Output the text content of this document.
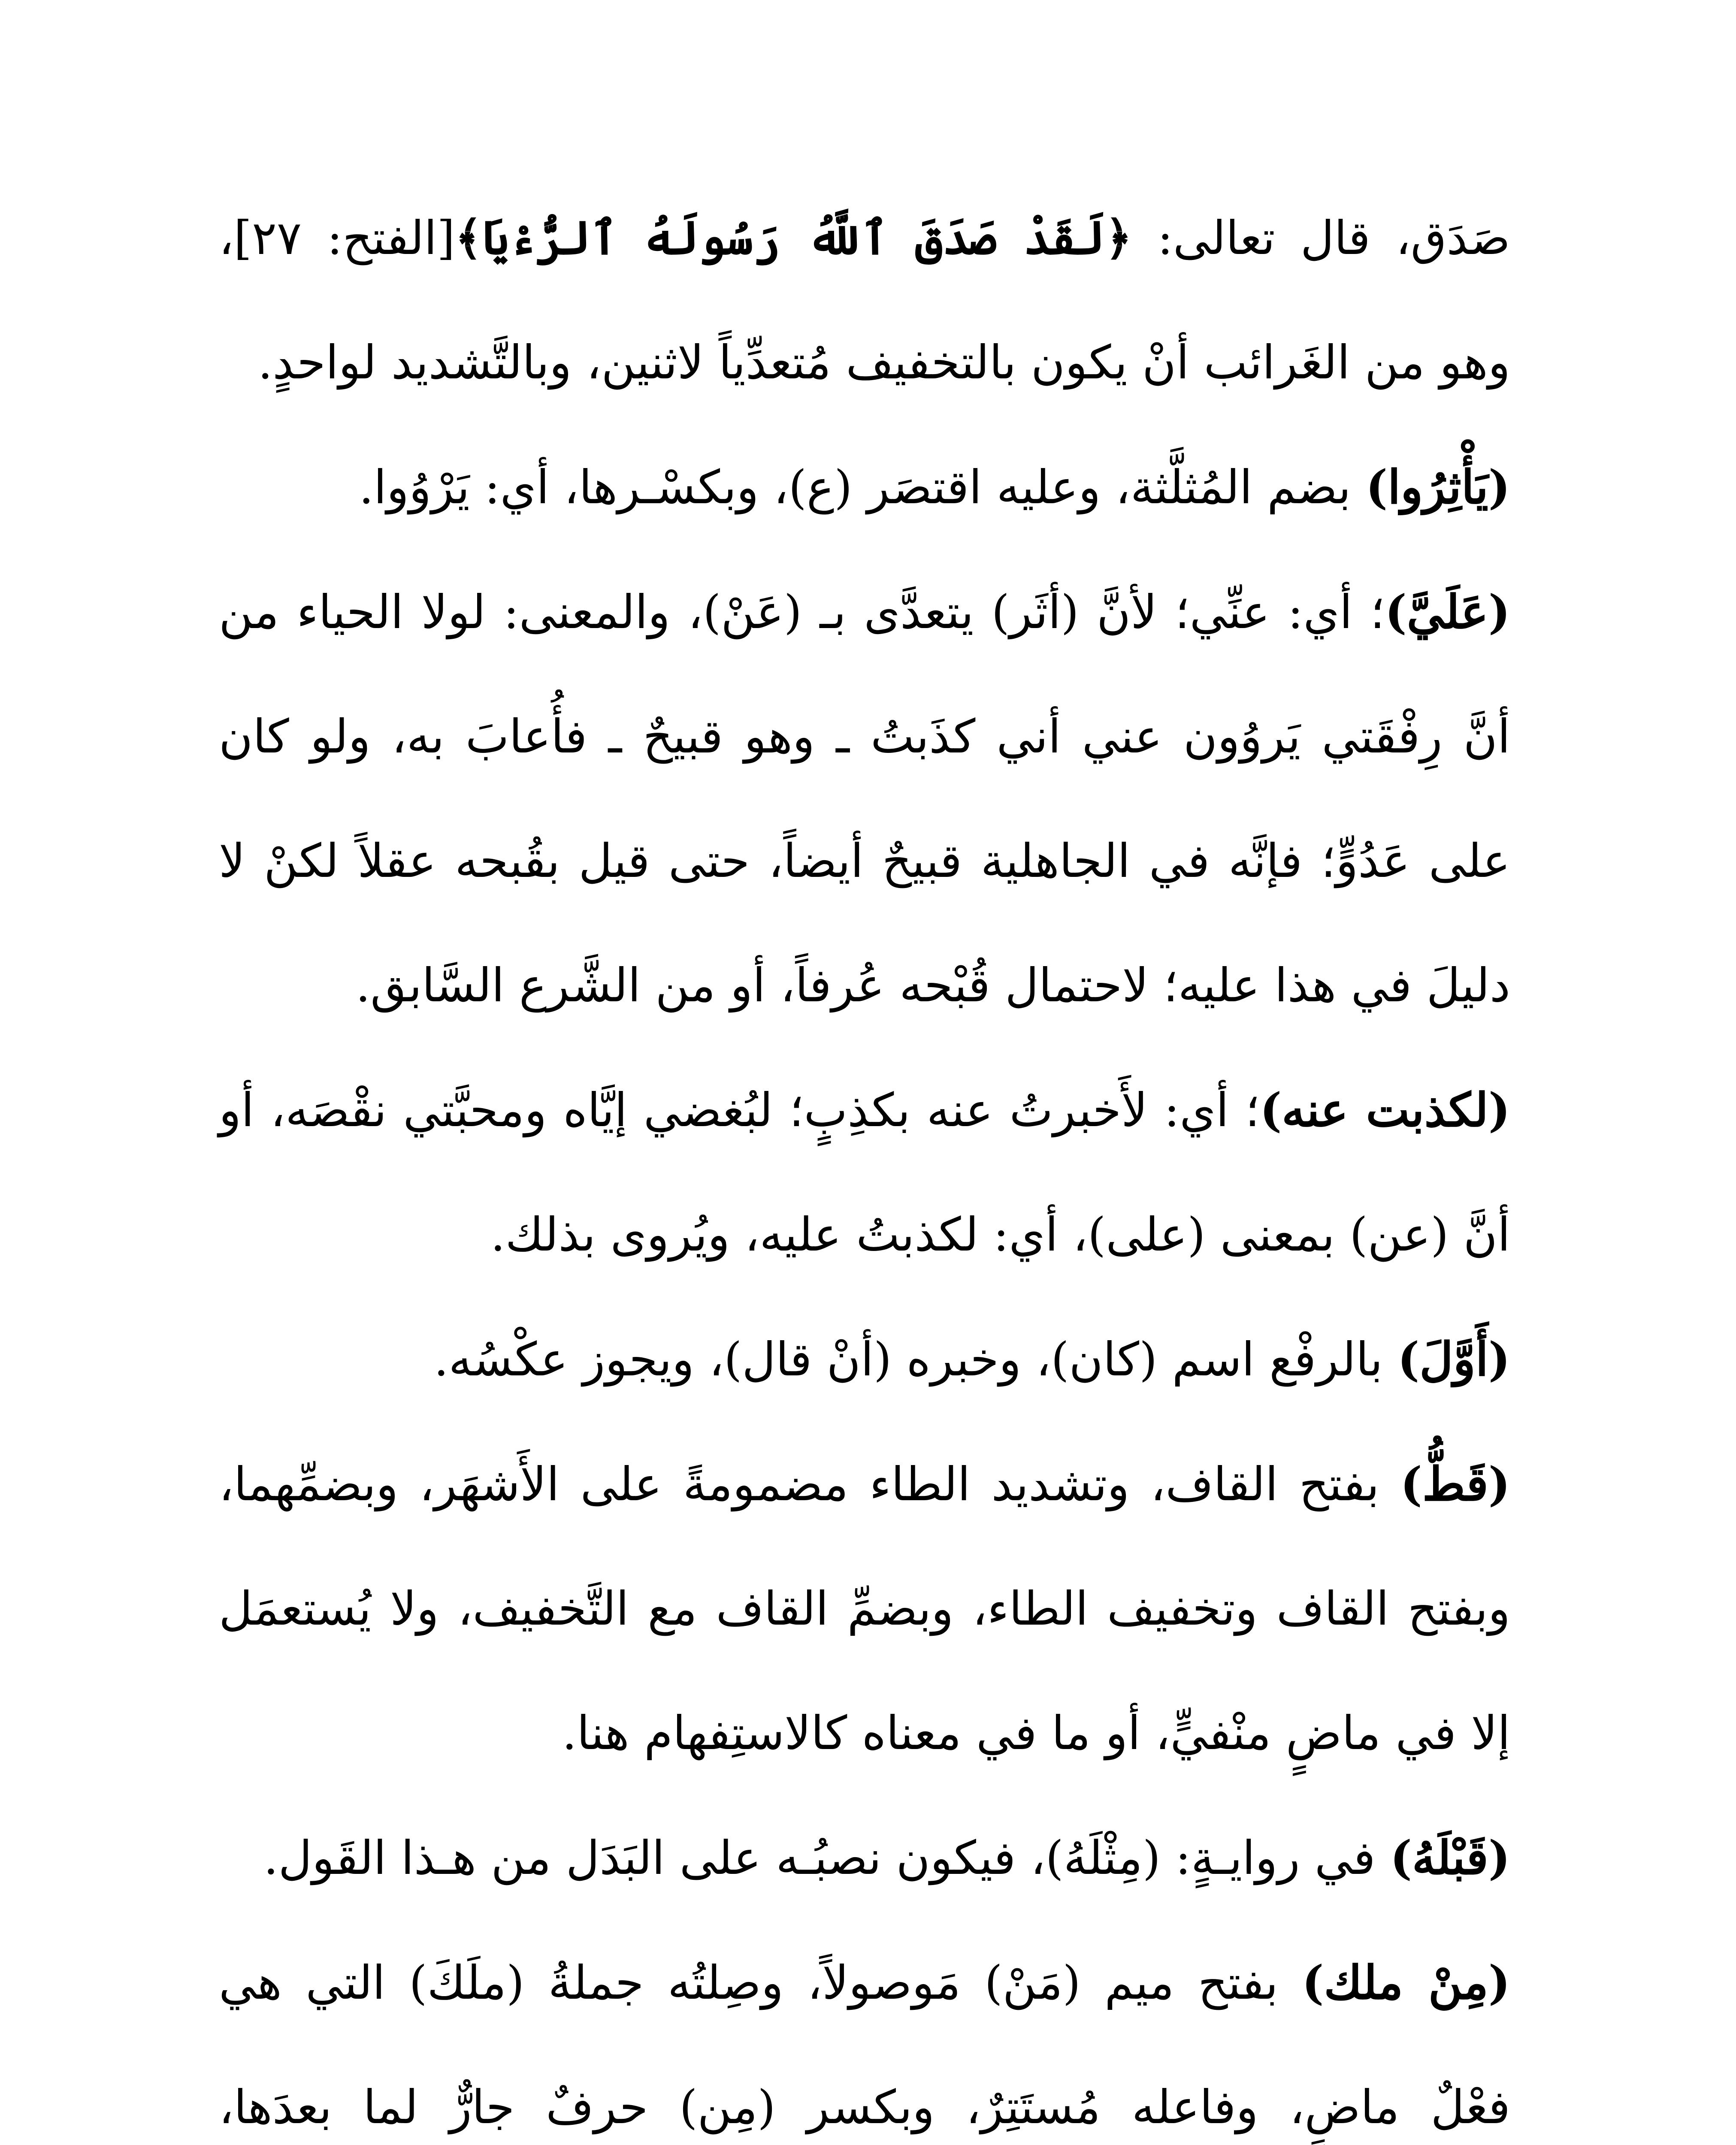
صَدَق، قال تعالى: ﴿لَقَدْ صَدَقَ ٱللَّهُ رَسُولَهُ ٱلرُّءْيَا﴾[الفتح: ٢٧]، وهو من الغَرائب أنْ يكون بالتخفيف مُتعدِّياً لاثنين، وبالتَّشديد لواحدٍ.

(يَأْثِرُوا) بضم المُثلَّثة، وعليه اقتصَر (ع)، وبكسْـرها، أي: يَرْوُوا.

(عَلَيَّ)؛ أي: عنِّي؛ لأنَّ (أثَر) يتعدَّى بـ (عَنْ)، والمعنى: لولا الحياء من أنَّ رِفْقَتي يَروُون عني أني كذَبتُ ـ وهو قبيحٌ ـ فأُعابَ به، ولو كان على عَدُوٍّ؛ فإنَّه في الجاهلية قبيحٌ أيضاً، حتى قيل بقُبحه عقلاً لكنْ لا دليلَ في هذا عليه؛ لاحتمال قُبْحه عُرفاً، أو من الشَّرع السَّابق.

(لكذبت عنه)؛ أي: لأَخبرتُ عنه بكذِبٍ؛ لبُغضي إيَّاه ومحبَّتي نقْصَه، أو أنَّ (عن) بمعنى (على)، أي: لكذبتُ عليه، ويُروى بذلك.

(أَوَّلَ) بالرفْع اسم (كان)، وخبره (أنْ قال)، ويجوز عكْسُه.

(قَطُّ) بفتح القاف، وتشديد الطاء مضمومةً على الأَشهَر، وبضمِّهما، وبفتح القاف وتخفيف الطاء، وبضمِّ القاف مع التَّخفيف، ولا يُستعمَل إلا في ماضٍ منْفيٍّ، أو ما في معناه كالاستِفهام هنا.

(قَبْلَهُ) في روايـةٍ: (مِثْلَهُ)، فيكون نصبُـه على البَدَل من هـذا القَول.

(مِنْ ملك) بفتح ميم (مَنْ) مَوصولاً، وصِلتُه جملةُ (ملَكَ) التي هي فعْلٌ ماضٍ، وفاعله مُستَتِرٌ، وبكسر (مِن) حرفٌ جارٌّ لما بعدَها،
